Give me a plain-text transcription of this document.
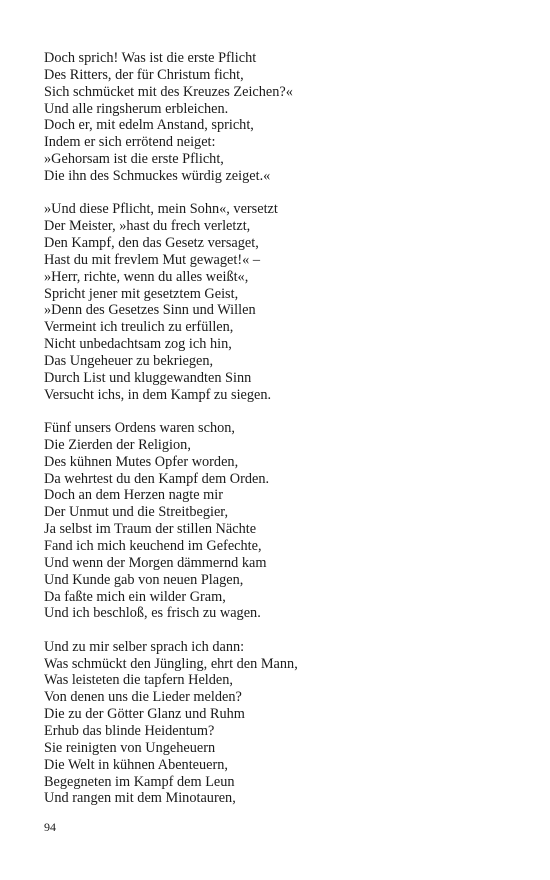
Doch sprich! Was ist die erste Pflicht
Des Ritters, der für Christum ficht,
Sich schmücket mit des Kreuzes Zeichen?«
Und alle ringsherum erbleichen.
Doch er, mit edelm Anstand, spricht,
Indem er sich errötend neiget:
»Gehorsam ist die erste Pflicht,
Die ihn des Schmuckes würdig zeiget.«
»Und diese Pflicht, mein Sohn«, versetzt
Der Meister, »hast du frech verletzt,
Den Kampf, den das Gesetz versaget,
Hast du mit frevlem Mut gewaget!« –
»Herr, richte, wenn du alles weißt«,
Spricht jener mit gesetztem Geist,
»Denn des Gesetzes Sinn und Willen
Vermeint ich treulich zu erfüllen,
Nicht unbedachtsam zog ich hin,
Das Ungeheuer zu bekriegen,
Durch List und kluggewandten Sinn
Versucht ichs, in dem Kampf zu siegen.
Fünf unsers Ordens waren schon,
Die Zierden der Religion,
Des kühnen Mutes Opfer worden,
Da wehrtest du den Kampf dem Orden.
Doch an dem Herzen nagte mir
Der Unmut und die Streitbegier,
Ja selbst im Traum der stillen Nächte
Fand ich mich keuchend im Gefechte,
Und wenn der Morgen dämmernd kam
Und Kunde gab von neuen Plagen,
Da faßte mich ein wilder Gram,
Und ich beschloß, es frisch zu wagen.
Und zu mir selber sprach ich dann:
Was schmückt den Jüngling, ehrt den Mann,
Was leisteten die tapfern Helden,
Von denen uns die Lieder melden?
Die zu der Götter Glanz und Ruhm
Erhub das blinde Heidentum?
Sie reinigten von Ungeheuern
Die Welt in kühnen Abenteuern,
Begegneten im Kampf dem Leun
Und rangen mit dem Minotauren,
94
